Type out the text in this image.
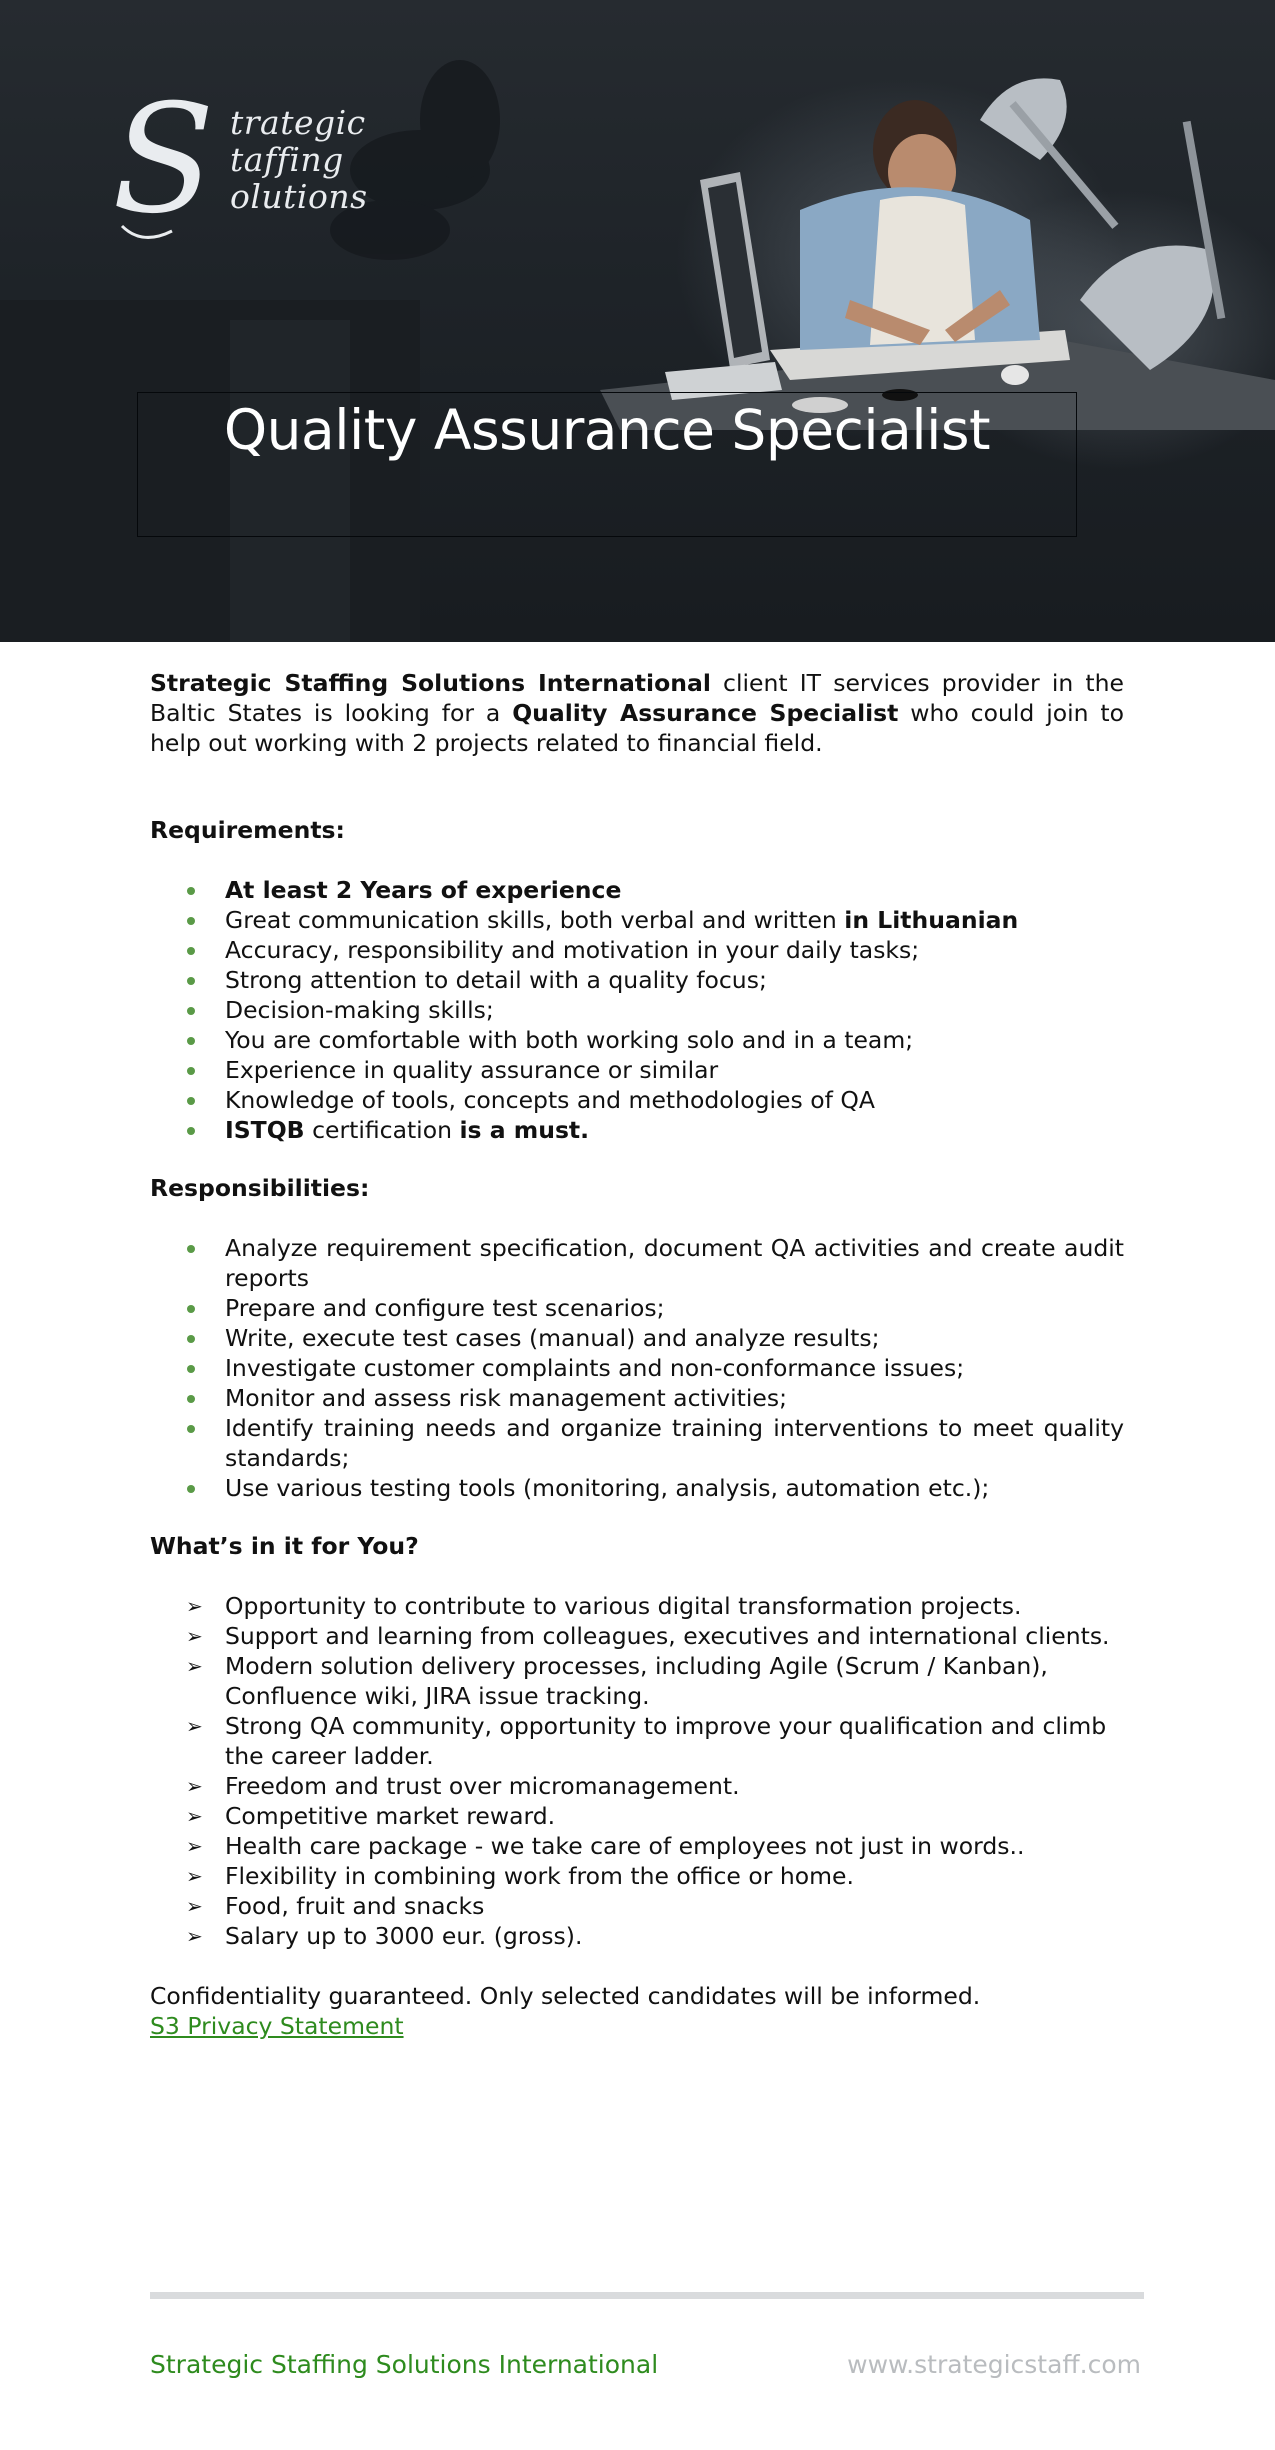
S trategic
taffing
olutions
Quality Assurance Specialist

Strategic Staffing Solutions International client IT services provider in the Baltic States is looking for a Quality Assurance Specialist who could join to help out working with 2 projects related to financial field.

Requirements:
At least 2 Years of experience
Great communication skills, both verbal and written in Lithuanian
Accuracy, responsibility and motivation in your daily tasks;
Strong attention to detail with a quality focus;
Decision-making skills;
You are comfortable with both working solo and in a team;
Experience in quality assurance or similar
Knowledge of tools, concepts and methodologies of QA
ISTQB certification is a must.
Responsibilities:
Analyze requirement specification, document QA activities and create audit reports
Prepare and configure test scenarios;
Write, execute test cases (manual) and analyze results;
Investigate customer complaints and non-conformance issues;
Monitor and assess risk management activities;
Identify training needs and organize training interventions to meet quality standards;
Use various testing tools (monitoring, analysis, automation etc.);
What’s in it for You?
➢ Opportunity to contribute to various digital transformation projects.
➢ Support and learning from colleagues, executives and international clients.
➢ Modern solution delivery processes, including Agile (Scrum / Kanban), Confluence wiki, JIRA issue tracking.
➢ Strong QA community, opportunity to improve your qualification and climb the career ladder.
➢ Freedom and trust over micromanagement.
➢ Competitive market reward.
➢ Health care package - we take care of employees not just in words..
➢ Flexibility in combining work from the office or home.
➢ Food, fruit and snacks
➢ Salary up to 3000 eur. (gross).
Confidentiality guaranteed. Only selected candidates will be informed.
S3 Privacy Statement
Strategic Staffing Solutions International	www.strategicstaff.com
